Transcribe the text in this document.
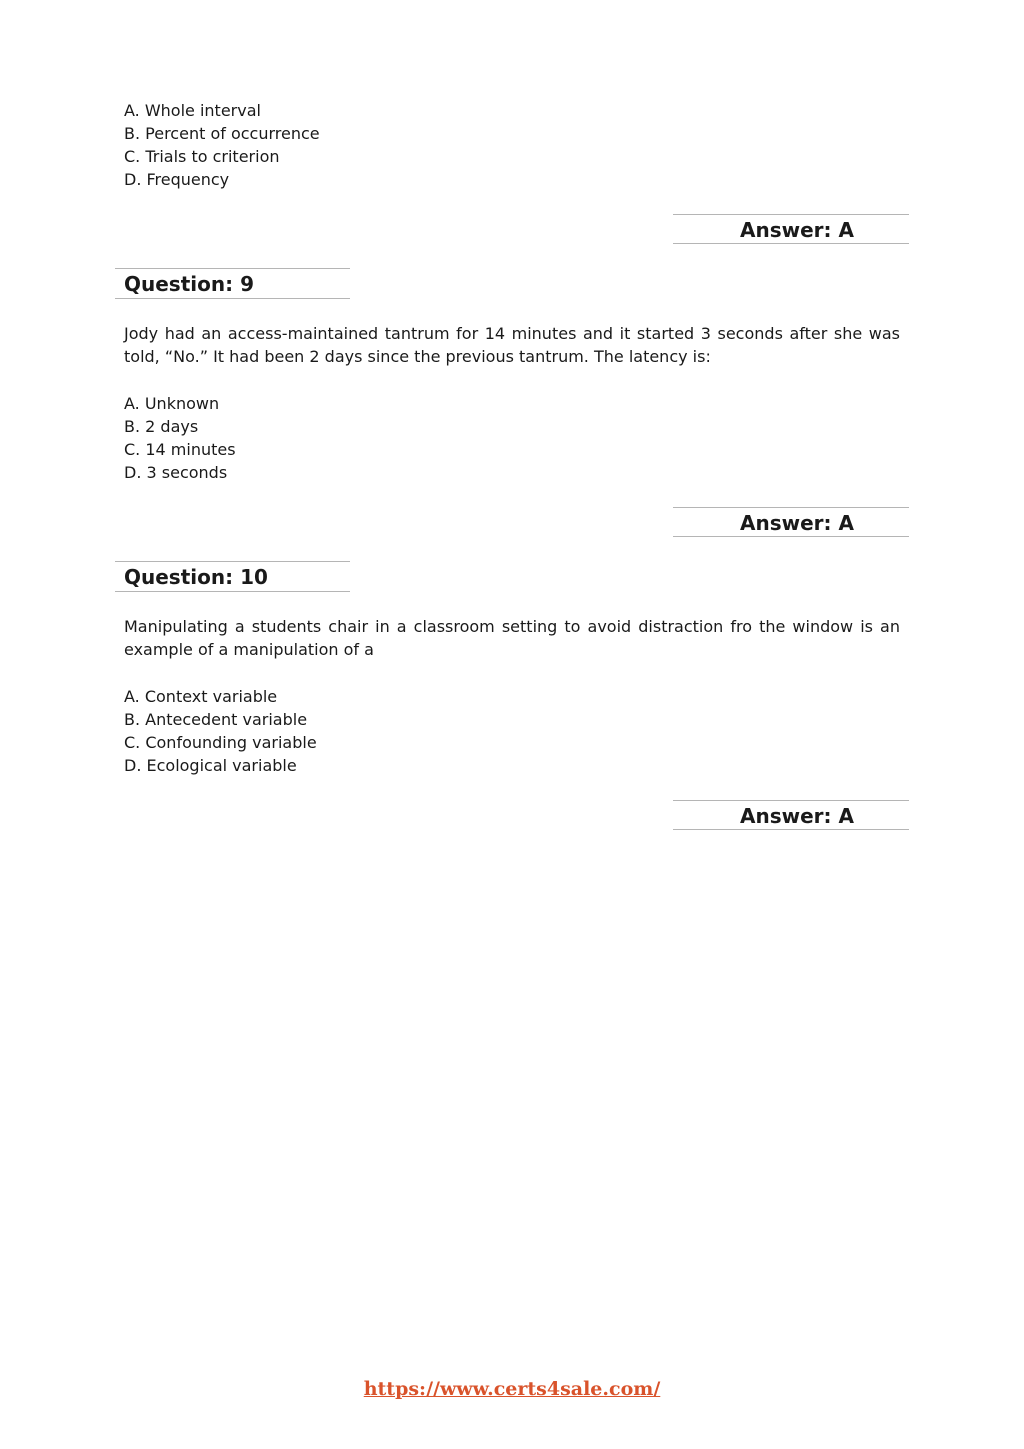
A. Whole interval
B. Percent of occurrence
C. Trials to criterion
D. Frequency
Answer: A
Question: 9
Jody had an access-maintained tantrum for 14 minutes and it started 3 seconds after she was told, “No.” It had been 2 days since the previous tantrum. The latency is:
A. Unknown
B. 2 days
C. 14 minutes
D. 3 seconds
Answer: A
Question: 10
Manipulating a students chair in a classroom setting to avoid distraction fro the window is an example of a manipulation of a
A. Context variable
B. Antecedent variable
C. Confounding variable
D. Ecological variable
Answer: A
https://www.certs4sale.com/
